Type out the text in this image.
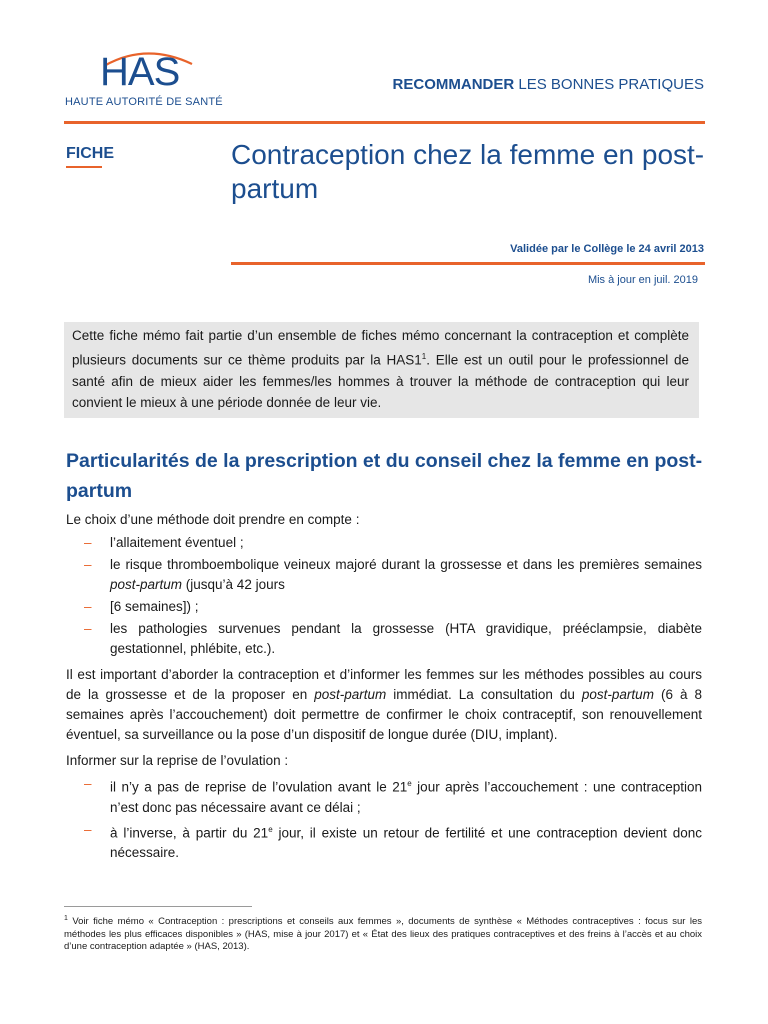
HAS
HAUTE AUTORITÉ DE SANTÉ
RECOMMANDER LES BONNES PRATIQUES
FICHE	Contraception chez la femme en post-partum
Validée par le Collège le 24 avril 2013
Mis à jour en juil. 2019
Cette fiche mémo fait partie d’un ensemble de fiches mémo concernant la contraception et complète plusieurs documents sur ce thème produits par la $HAS1^1$. Elle est un outil pour le professionnel de santé afin de mieux aider les femmes/les hommes à trouver la méthode de contraception qui leur convient le mieux à une période donnée de leur vie.
Particularités de la prescription et du conseil chez la femme en post-partum

Le choix d’une méthode doit prendre en compte :

– l’allaitement éventuel ;
– le risque thromboembolique veineux majoré durant la grossesse et dans les premières semaines post-partum (jusqu’à 42 jours
– [6 semaines]) ;
– les pathologies survenues pendant la grossesse (HTA gravidique, prééclampsie, diabète gestationnel, phlébite, etc.).

Il est important d’aborder la contraception et d’informer les femmes sur les méthodes possibles au cours de la grossesse et de la proposer en post-partum immédiat. La consultation du post-partum (6 à 8 semaines après l’accouchement) doit permettre de confirmer le choix contraceptif, son renouvellement éventuel, sa surveillance ou la pose d’un dispositif de longue durée (DIU, implant).

Informer sur la reprise de l’ovulation :

– il n’y a pas de reprise de l’ovulation avant le 21e jour après l’accouchement : une contraception n’est donc pas nécessaire avant ce délai ;
– à l’inverse, à partir du 21e jour, il existe un retour de fertilité et une contraception devient donc nécessaire.
$^1$ Voir fiche mémo « Contraception : prescriptions et conseils aux femmes », documents de synthèse « Méthodes contraceptives : focus sur les méthodes les plus efficaces disponibles » (HAS, mise à jour 2017) et « État des lieux des pratiques contraceptives et des freins à l’accès et au choix d’une contraception adaptée » (HAS, 2013).
